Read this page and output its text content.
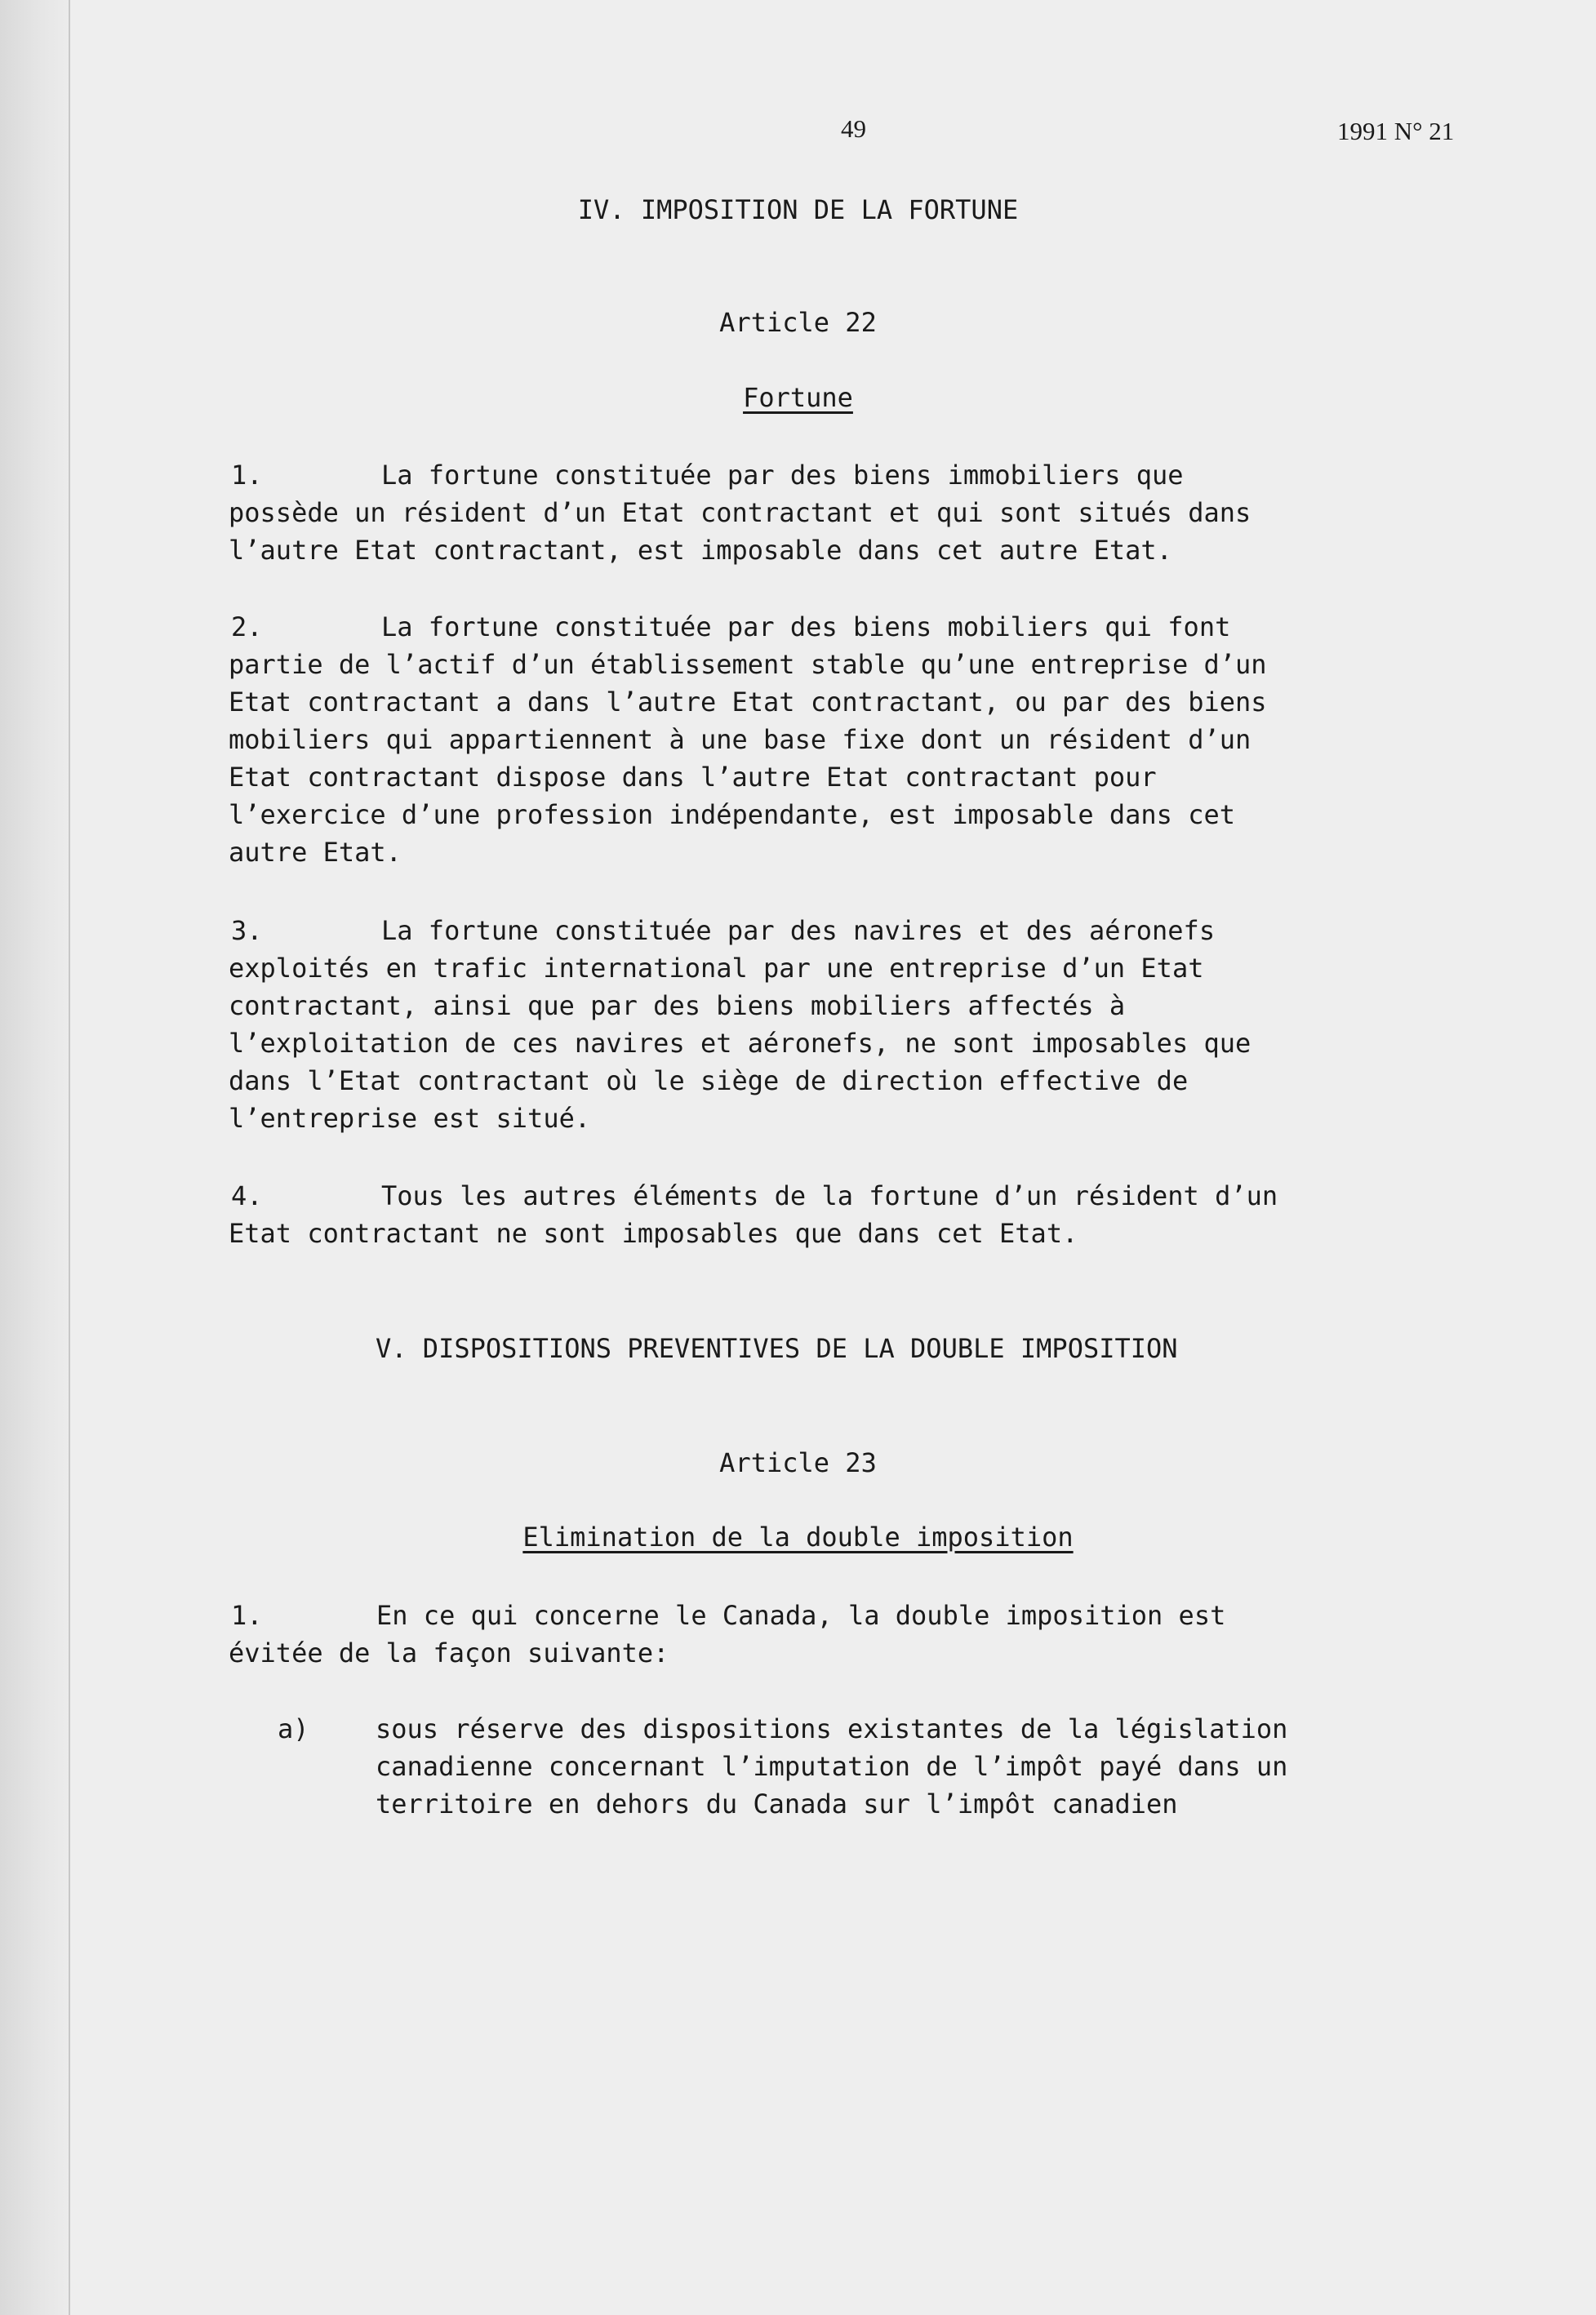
49	1991 N° 21
IV. IMPOSITION DE LA FORTUNE
Article 22
Fortune
1.	La fortune constituée par des biens immobiliers que
possède un résident d’un Etat contractant et qui sont situés dans
l’autre Etat contractant, est imposable dans cet autre Etat.
2.	La fortune constituée par des biens mobiliers qui font
partie de l’actif d’un établissement stable qu’une entreprise d’un
Etat contractant a dans l’autre Etat contractant, ou par des biens
mobiliers qui appartiennent à une base fixe dont un résident d’un
Etat contractant dispose dans l’autre Etat contractant pour
l’exercice d’une profession indépendante, est imposable dans cet
autre Etat.
3.	La fortune constituée par des navires et des aéronefs
exploités en trafic international par une entreprise d’un Etat
contractant, ainsi que par des biens mobiliers affectés à
l’exploitation de ces navires et aéronefs, ne sont imposables que
dans l’Etat contractant où le siège de direction effective de
l’entreprise est situé.
4.	Tous les autres éléments de la fortune d’un résident d’un
Etat contractant ne sont imposables que dans cet Etat.
V. DISPOSITIONS PREVENTIVES DE LA DOUBLE IMPOSITION
Article 23
Elimination de la double imposition
1.	En ce qui concerne le Canada, la double imposition est
évitée de la façon suivante:
a)	sous réserve des dispositions existantes de la législation
canadienne concernant l’imputation de l’impôt payé dans un
territoire en dehors du Canada sur l’impôt canadien
